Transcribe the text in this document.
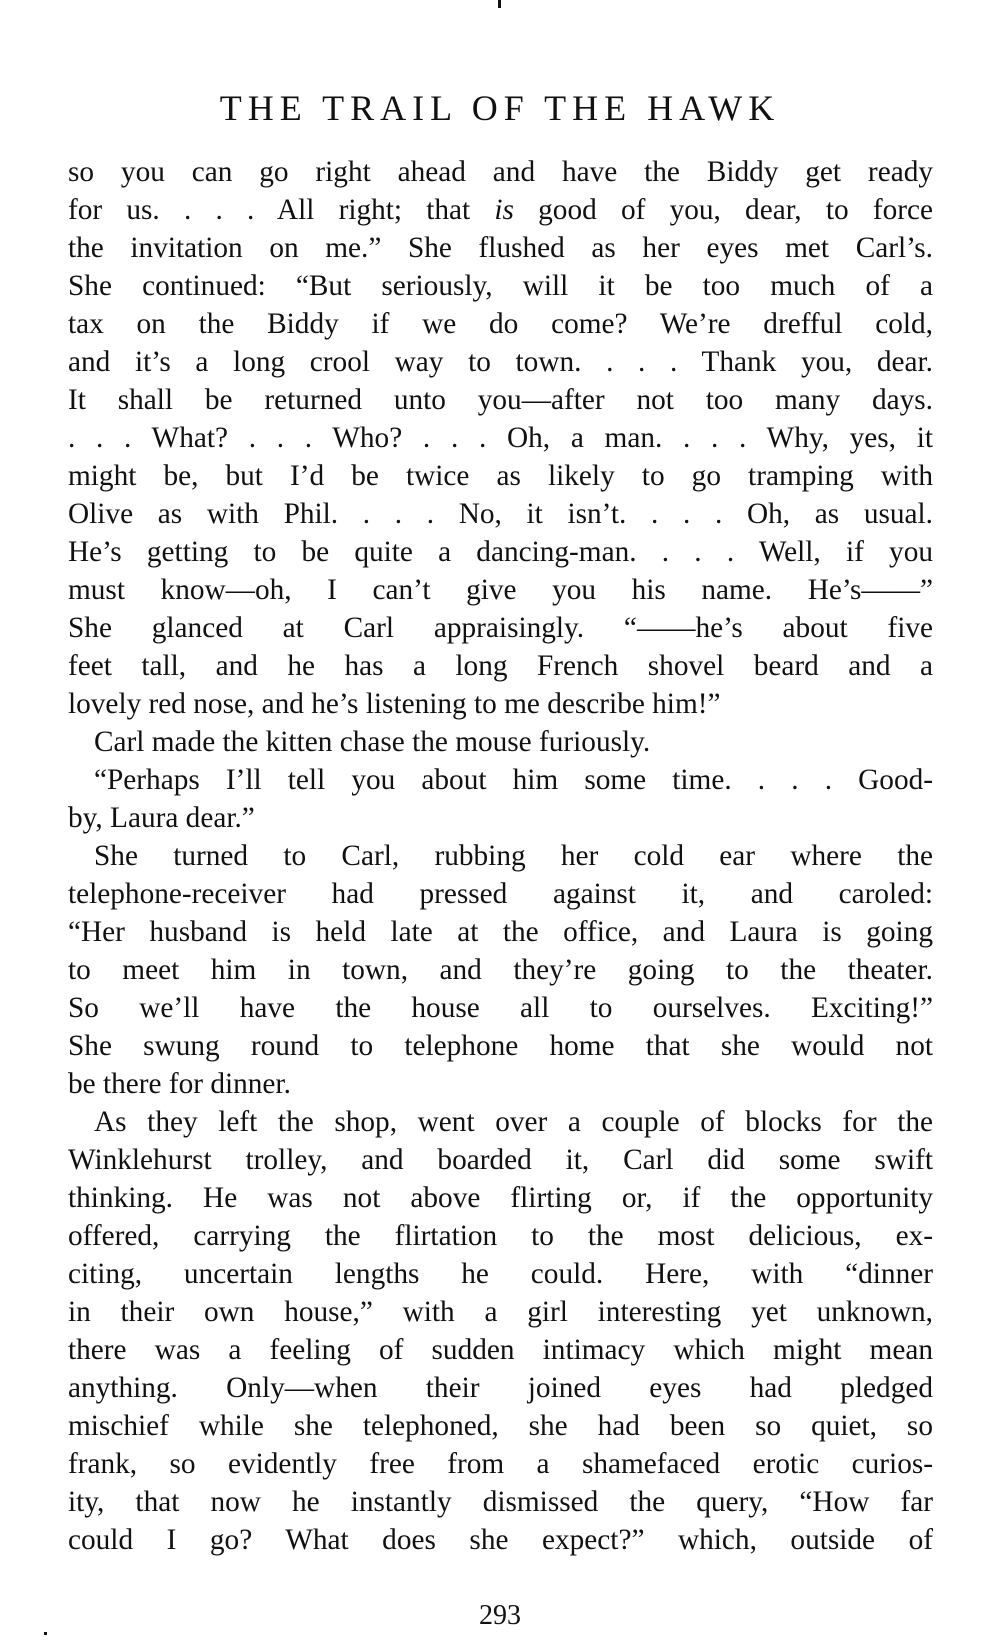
THE TRAIL OF THE HAWK
so you can go right ahead and have the Biddy get ready
for us. . . . All right; that is good of you, dear, to force
the invitation on me.” She flushed as her eyes met Carl’s.
She continued: “But seriously, will it be too much of a
tax on the Biddy if we do come? We’re drefful cold,
and it’s a long crool way to town. . . . Thank you, dear.
It shall be returned unto you—after not too many days.
. . . What? . . . Who? . . . Oh, a man. . . . Why, yes, it
might be, but I’d be twice as likely to go tramping with
Olive as with Phil. . . . No, it isn’t. . . . Oh, as usual.
He’s getting to be quite a dancing-man. . . . Well, if you
must know—oh, I can’t give you his name. He’s——”
She glanced at Carl appraisingly. “——he’s about five
feet tall, and he has a long French shovel beard and a
lovely red nose, and he’s listening to me describe him!”
Carl made the kitten chase the mouse furiously.
“Perhaps I’ll tell you about him some time. . . . Good-
by, Laura dear.”
She turned to Carl, rubbing her cold ear where the
telephone-receiver had pressed against it, and caroled:
“Her husband is held late at the office, and Laura is going
to meet him in town, and they’re going to the theater.
So we’ll have the house all to ourselves. Exciting!”
She swung round to telephone home that she would not
be there for dinner.
As they left the shop, went over a couple of blocks for the
Winklehurst trolley, and boarded it, Carl did some swift
thinking. He was not above flirting or, if the opportunity
offered, carrying the flirtation to the most delicious, ex-
citing, uncertain lengths he could. Here, with “dinner
in their own house,” with a girl interesting yet unknown,
there was a feeling of sudden intimacy which might mean
anything. Only—when their joined eyes had pledged
mischief while she telephoned, she had been so quiet, so
frank, so evidently free from a shamefaced erotic curios-
ity, that now he instantly dismissed the query, “How far
could I go? What does she expect?” which, outside of
293
